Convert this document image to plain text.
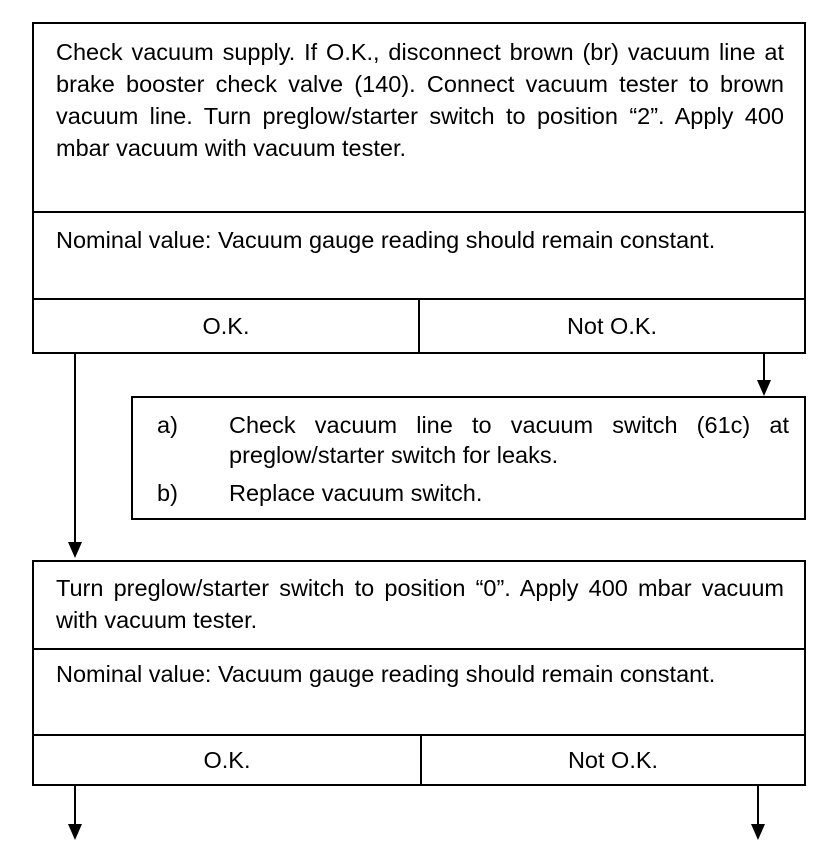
Check vacuum supply. If O.K., disconnect brown (br) vacuum line at brake booster check valve (140). Connect vacuum tester to brown vacuum line. Turn preglow/starter switch to position “2”. Apply 400 mbar vacuum with vacuum tester.
Nominal value: Vacuum gauge reading should remain constant.
O.K.	Not O.K.
a) Check vacuum line to vacuum switch (61c) at preglow/starter switch for leaks.
b) Replace vacuum switch.
Turn preglow/starter switch to position “0”. Apply 400 mbar vacuum with vacuum tester.
Nominal value: Vacuum gauge reading should remain constant.
O.K.	Not O.K.
